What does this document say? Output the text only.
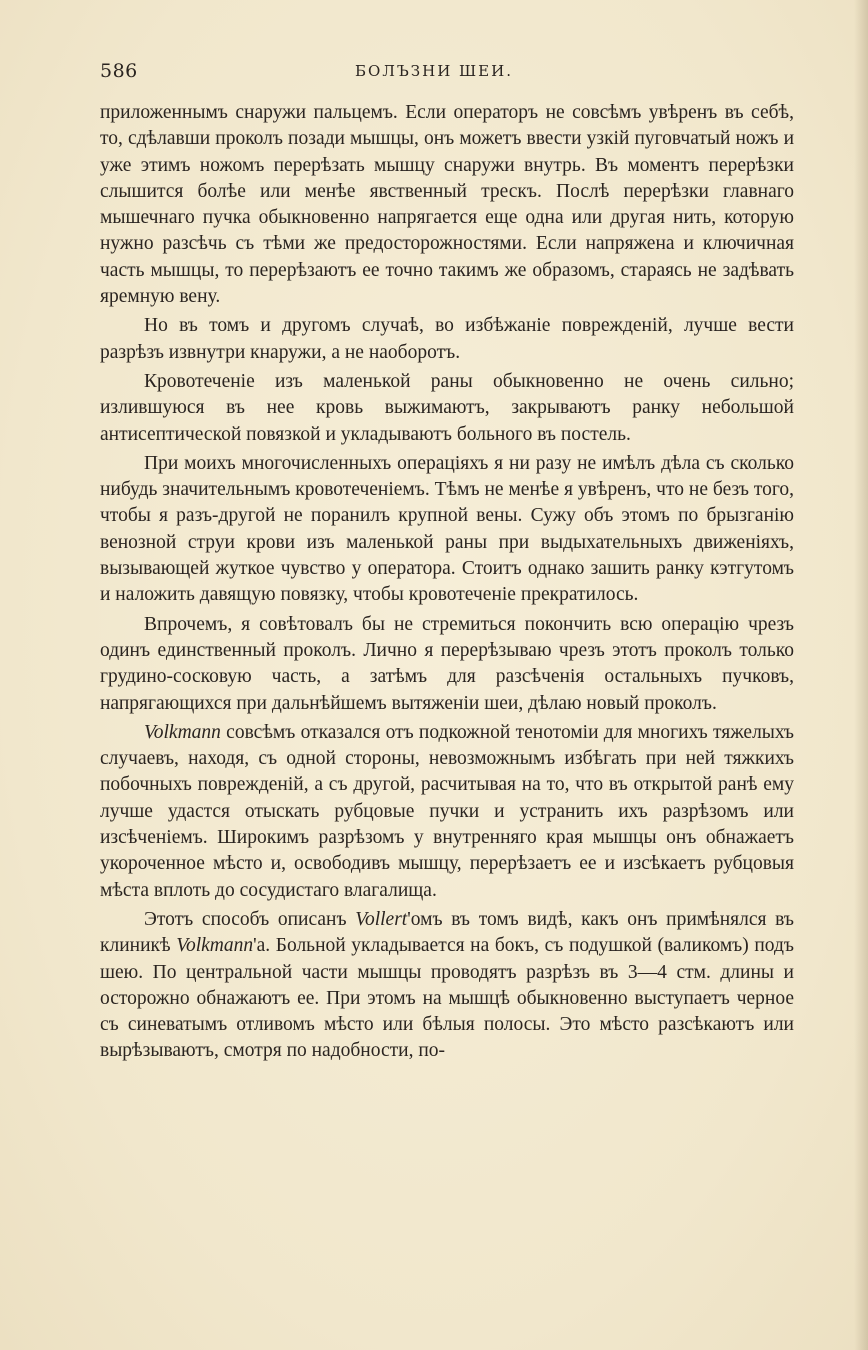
586	БОЛЪЗНИ ШЕИ.

приложеннымъ снаружи пальцемъ. Если операторъ не совсѣмъ увѣренъ въ себѣ, то, сдѣлавши проколъ позади мышцы, онъ можетъ ввести узкій пуговчатый ножъ и уже этимъ ножомъ перерѣзать мышцу снаружи внутрь. Въ моментъ перерѣзки слышится болѣе или менѣе явственный трескъ. Послѣ перерѣзки главнаго мышечнаго пучка обыкновенно напрягается еще одна или другая нить, которую нужно разсѣчь съ тѣми же предосторожностями. Если напряжена и ключичная часть мышцы, то перерѣзаютъ ее точно такимъ же образомъ, стараясь не задѣвать яремную вену.

Но въ томъ и другомъ случаѣ, во избѣжаніе поврежденій, лучше вести разрѣзъ извнутри кнаружи, а не наоборотъ.

Кровотеченіе изъ маленькой раны обыкновенно не очень сильно; излившуюся въ нее кровь выжимаютъ, закрываютъ ранку небольшой антисептической повязкой и укладываютъ больного въ постель.

При моихъ многочисленныхъ операціяхъ я ни разу не имѣлъ дѣла съ сколько нибудь значительнымъ кровотеченіемъ. Тѣмъ не менѣе я увѣренъ, что не безъ того, чтобы я разъ-другой не поранилъ крупной вены. Сужу объ этомъ по брызганію венозной струи крови изъ маленькой раны при выдыхательныхъ движеніяхъ, вызывающей жуткое чувство у оператора. Стоитъ однако зашить ранку кэтгутомъ и наложить давящую повязку, чтобы кровотеченіе прекратилось.

Впрочемъ, я совѣтовалъ бы не стремиться покончить всю операцію чрезъ одинъ единственный проколъ. Лично я перерѣзываю чрезъ этотъ проколъ только грудино-сосковую часть, а затѣмъ для разсѣченія остальныхъ пучковъ, напрягающихся при дальнѣйшемъ вытяженіи шеи, дѣлаю новый проколъ.

Volkmann совсѣмъ отказался отъ подкожной тенотоміи для многихъ тяжелыхъ случаевъ, находя, съ одной стороны, невозможнымъ избѣгать при ней тяжкихъ побочныхъ поврежденій, а съ другой, расчитывая на то, что въ открытой ранѣ ему лучше удастся отыскать рубцовые пучки и устранить ихъ разрѣзомъ или изсѣченіемъ. Широкимъ разрѣзомъ у внутренняго края мышцы онъ обнажаетъ укороченное мѣсто и, освободивъ мышцу, перерѣзаетъ ее и изсѣкаетъ рубцовыя мѣста вплоть до сосудистаго влагалища.

Этотъ способъ описанъ Vollert'омъ въ томъ видѣ, какъ онъ примѣнялся въ клиникѣ Volkmann'а. Больной укладывается на бокъ, съ подушкой (валикомъ) подъ шею. По центральной части мышцы проводятъ разрѣзъ въ 3—4 стм. длины и осторожно обнажаютъ ее. При этомъ на мышцѣ обыкновенно выступаетъ черное съ синеватымъ отливомъ мѣсто или бѣлыя полосы. Это мѣсто разсѣкаютъ или вырѣзываютъ, смотря по надобности, по-
